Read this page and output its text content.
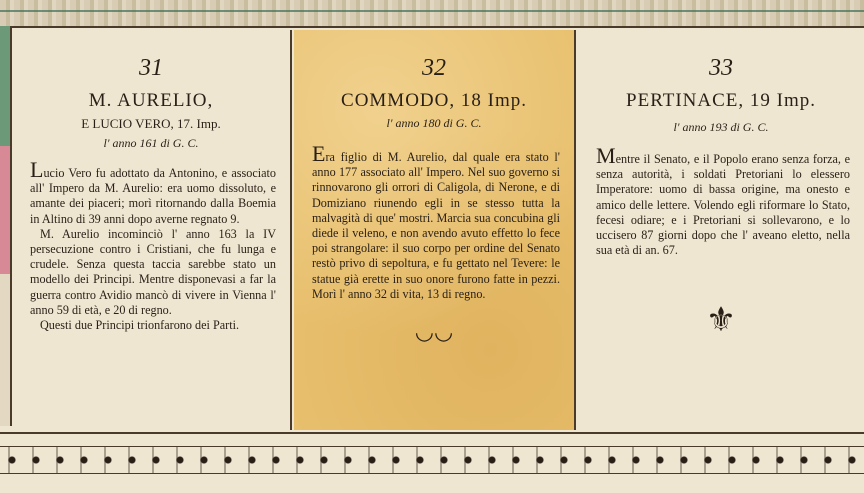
31
M. AURELIO,
E LUCIO VERO, 17. Imp.
l' anno 161 di G. C.

Lucio Vero fu adottato da Antonino, e associato all' Impero da M. Aurelio: era uomo dissoluto, e amante dei piaceri; morì ritornando dalla Boemia in Altino di 39 anni dopo averne regnato 9.

M. Aurelio incominciò l' anno 163 la IV persecuzione contro i Cristiani, che fu lunga e crudele. Senza questa taccia sarebbe stato un modello dei Principi. Mentre disponevasi a far la guerra contro Avidio mancò di vivere in Vienna l' anno 59 di età, e 20 di regno.

Questi due Principi trionfarono dei Parti.

32
COMMODO, 18 Imp.
l' anno 180 di G. C.

Era figlio di M. Aurelio, dal quale era stato l' anno 177 associato all' Impero. Nel suo governo si rinnovarono gli orrori di Caligola, di Nerone, e di Domiziano riunendo egli in se stesso tutta la malvagità di que' mostri. Marcia sua concubina gli diede il veleno, e non avendo avuto effetto lo fece poi strangolare: il suo corpo per ordine del Senato restò privo di sepoltura, e fu gettato nel Tevere: le statue già erette in suo onore furono fatte in pezzi. Morì l' anno 32 di vita, 13 di regno.

◡◡
33
PERTINACE, 19 Imp.
l' anno 193 di G. C.

Mentre il Senato, e il Popolo erano senza forza, e senza autorità, i soldati Pretoriani lo elessero Imperatore: uomo di bassa origine, ma onesto e amico delle lettere. Volendo egli riformare lo Stato, fecesi odiare; e i Pretoriani si sollevarono, e lo uccisero 87 giorni dopo che l' aveano eletto, nella sua età di an. 67.

⚜
